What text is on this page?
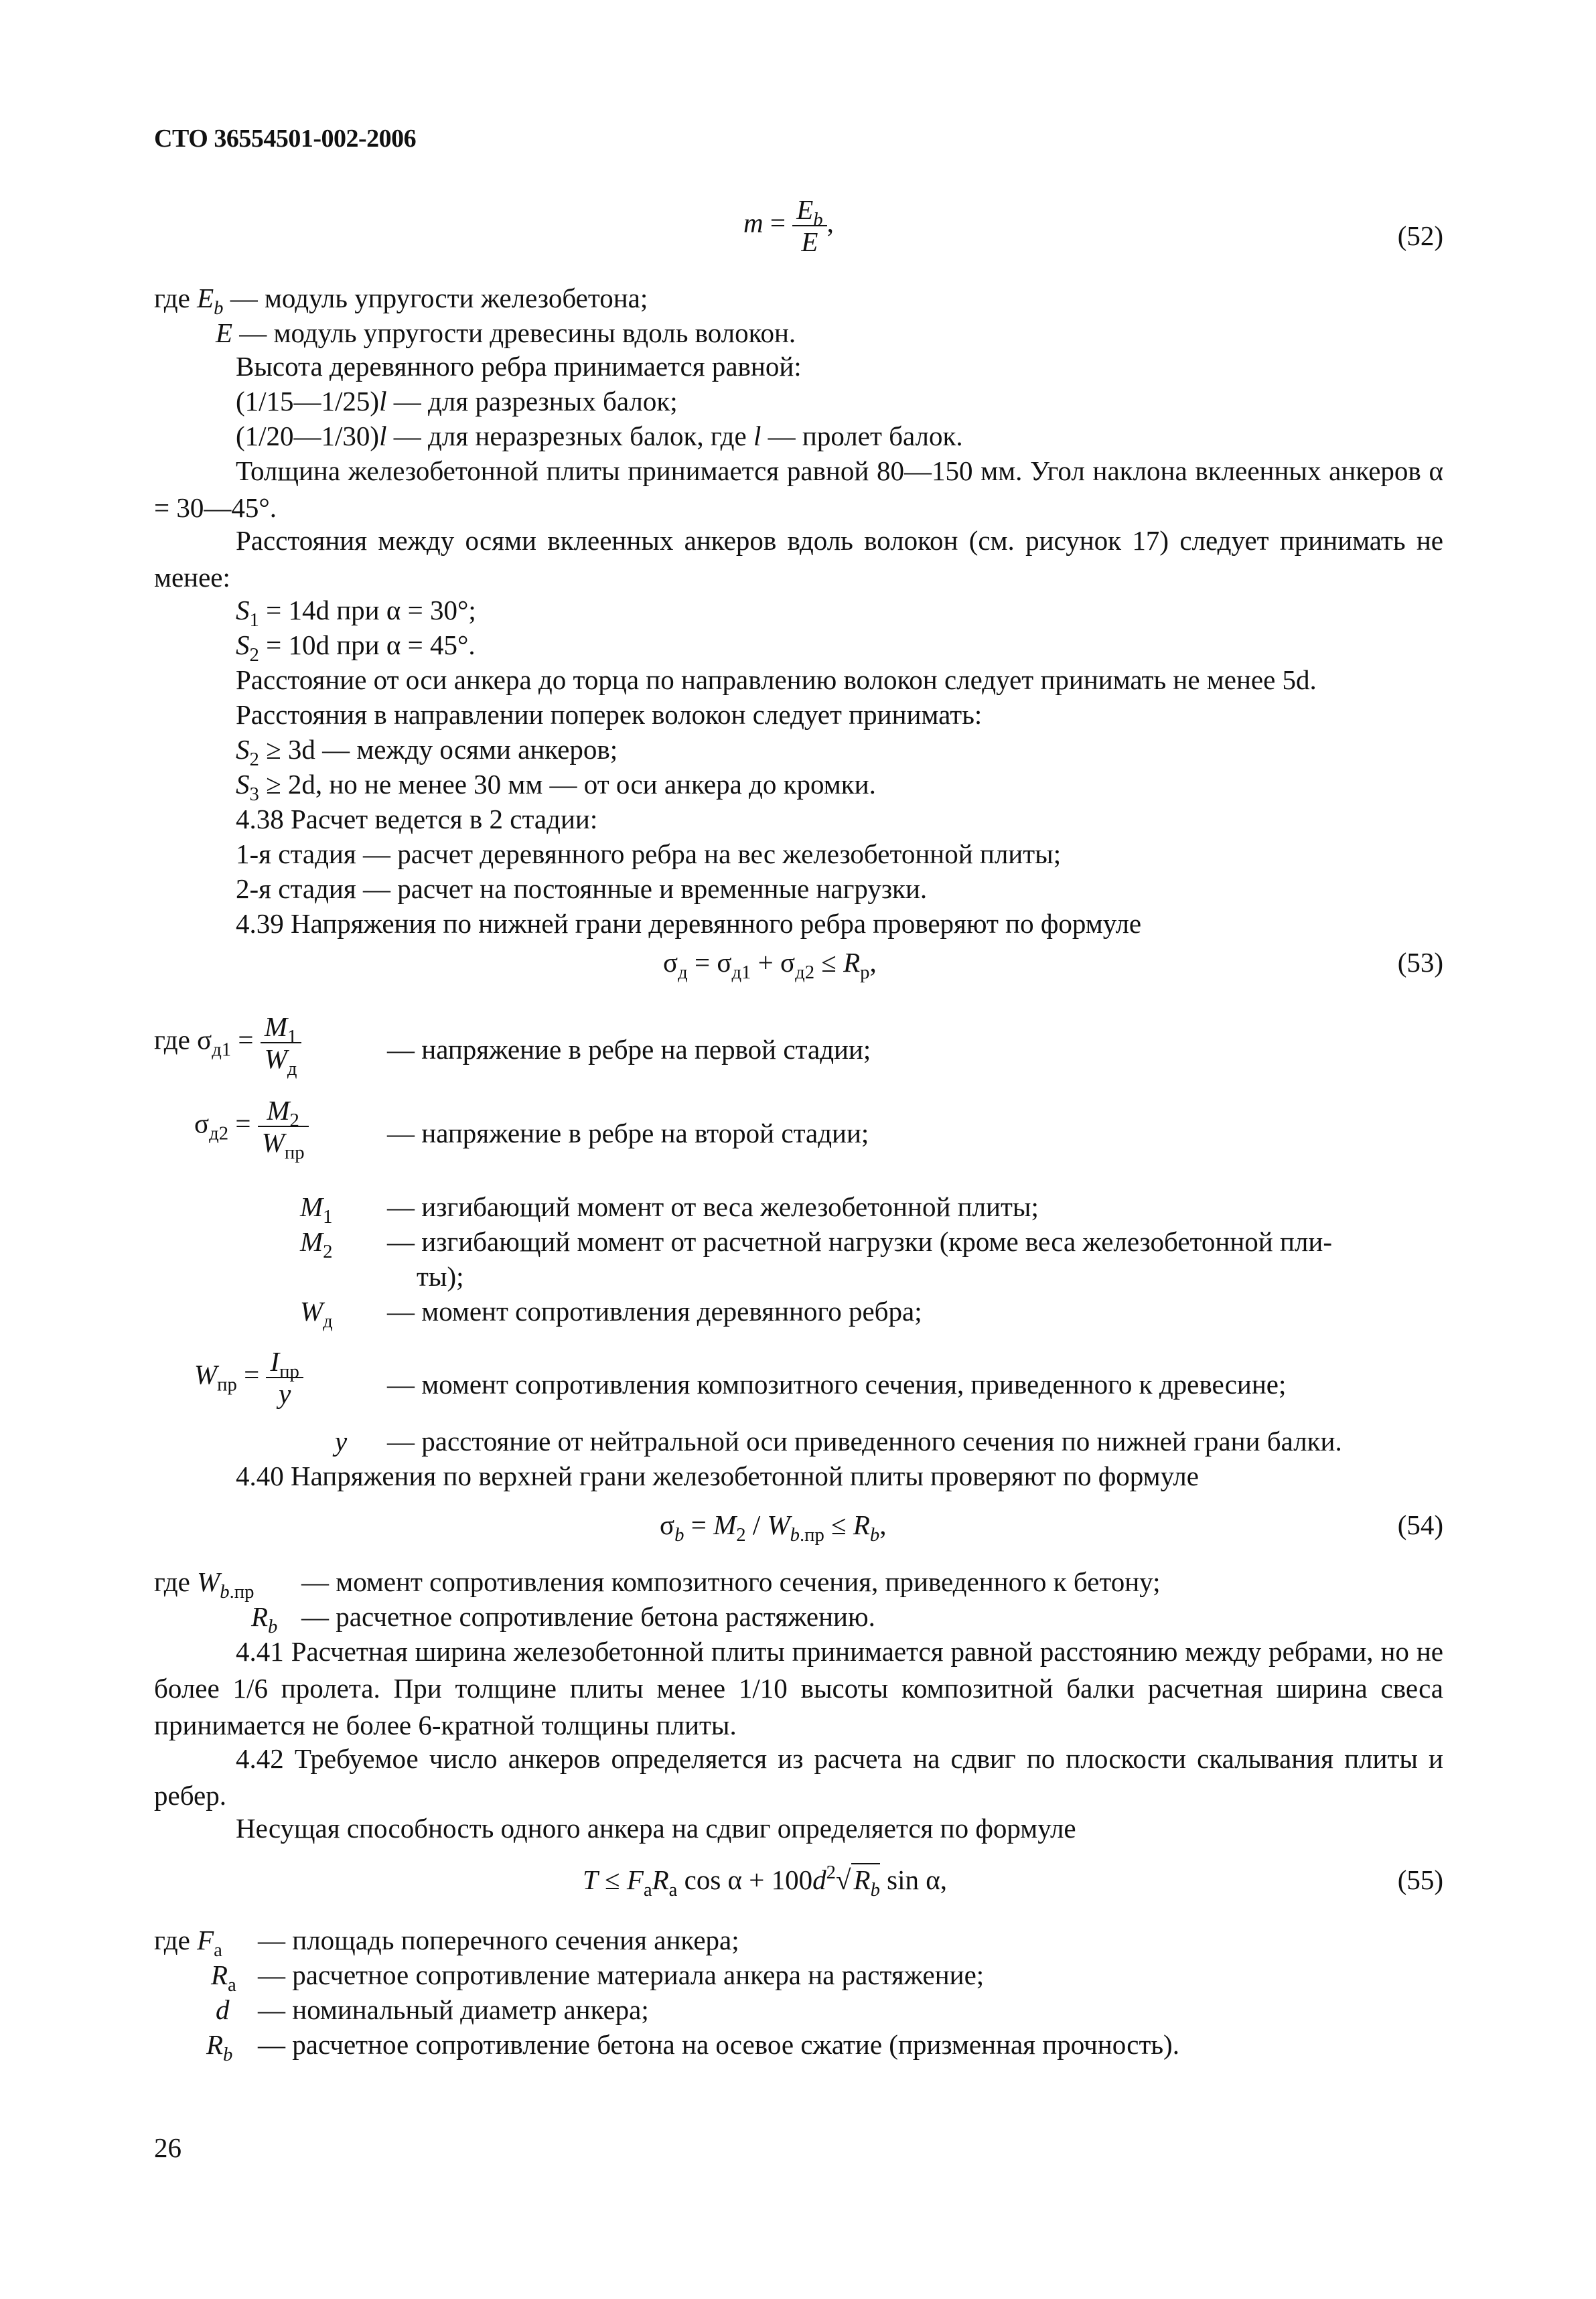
СТО 36554501-002-2006
$m = \frac{E_b}{E}$ ,	(52)
где $E_b$ — модуль упругости железобетона;
E — модуль упругости древесины вдоль волокон.
Высота деревянного ребра принимается равной:
(1/15—1/25)l — для разрезных балок;
(1/20—1/30)l — для неразрезных балок, где l — пролет балок.
Толщина железобетонной плиты принимается равной 80—150 мм. Угол наклона вклеенных анкеров α = 30—45°.
Расстояния между осями вклеенных анкеров вдоль волокон (см. рисунок 17) следует принимать не менее:
$S_1 = 14d$ при α = 30°;
$S_2 = 10d$ при α = 45°.
Расстояние от оси анкера до торца по направлению волокон следует принимать не менее 5d.
Расстояния в направлении поперек волокон следует принимать:
$S_2 \ge 3d$ — между осями анкеров;
$S_3 \ge 2d$, но не менее 30 мм — от оси анкера до кромки.
4.38 Расчет ведется в 2 стадии:
1-я стадия — расчет деревянного ребра на вес железобетонной плиты;
2-я стадия — расчет на постоянные и временные нагрузки.
4.39 Напряжения по нижней грани деревянного ребра проверяют по формуле
$\sigma_д = \sigma_{д1} + \sigma_{д2} \le R_р$,	(53)
где $\sigma_{д1} = \frac{M_1}{W_д}$	— напряжение в ребре на первой стадии;
$\sigma_{д2} = \frac{M_2}{W_{пр}}$	— напряжение в ребре на второй стадии;
$M_1$ — изгибающий момент от веса железобетонной плиты;
$M_2$ — изгибающий момент от расчетной нагрузки (кроме веса железобетонной пли-
ты);
$W_д$ — момент сопротивления деревянного ребра;
$W_{пр} = \frac{I_{пр}}{y}$	— момент сопротивления композитного сечения, приведенного к древесине;
y — расстояние от нейтральной оси приведенного сечения по нижней грани балки.
4.40 Напряжения по верхней грани железобетонной плиты проверяют по формуле
$\sigma_b = M_2 / W_{b.пр} \le R_b$,	(54)
где $W_{b.пр}$ — момент сопротивления композитного сечения, приведенного к бетону;
$R_b$ — расчетное сопротивление бетона растяжению.
4.41 Расчетная ширина железобетонной плиты принимается равной расстоянию между ребрами, но не более 1/6 пролета. При толщине плиты менее 1/10 высоты композитной балки расчетная ширина свеса принимается не более 6-кратной толщины плиты.
4.42 Требуемое число анкеров определяется из расчета на сдвиг по плоскости скалывания плиты и ребер.
Несущая способность одного анкера на сдвиг определяется по формуле
$T \le F_аR_а$ $\cos \alpha + 100d^2√R_b$ sin α,	(55)
где $F_а$ — площадь поперечного сечения анкера;
$R_а$ — расчетное сопротивление материала анкера на растяжение;
d — номинальный диаметр анкера;
$R_b$ — расчетное сопротивление бетона на осевое сжатие (призменная прочность).
26
